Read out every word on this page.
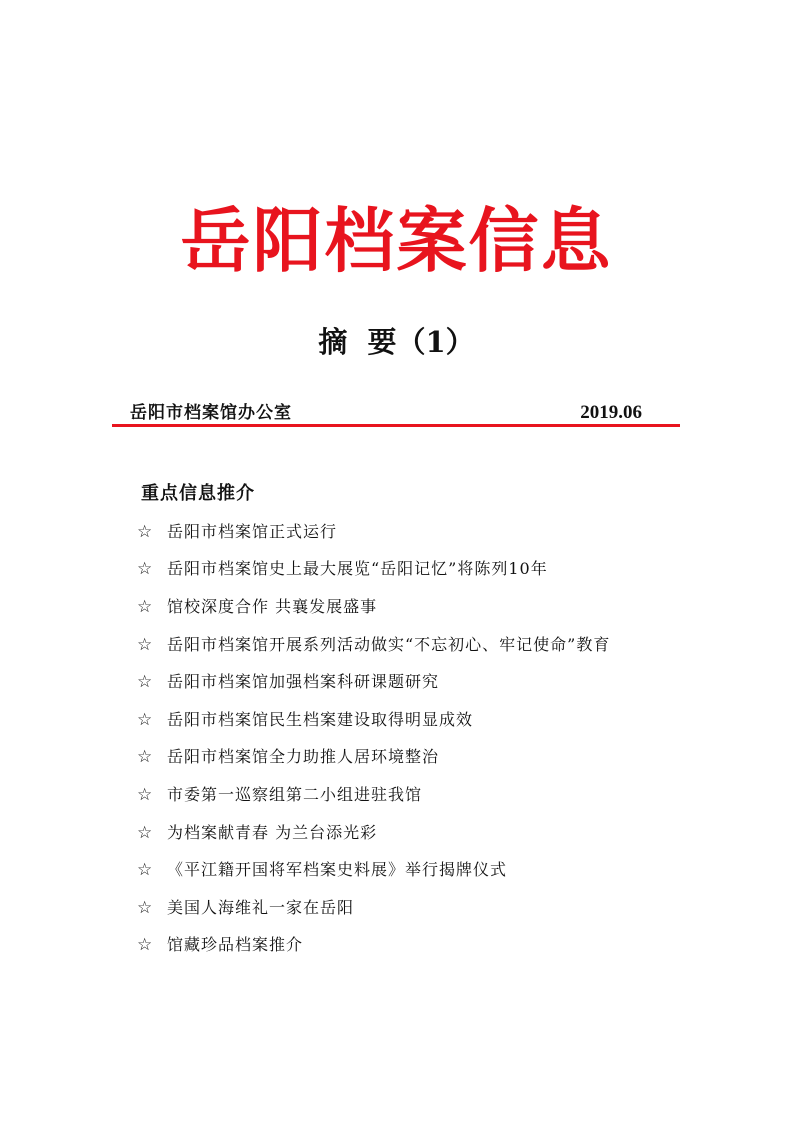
岳阳档案信息
摘  要（1）
岳阳市档案馆办公室	2019.06
重点信息推介
☆ 岳阳市档案馆正式运行
☆ 岳阳市档案馆史上最大展览“岳阳记忆”将陈列10年
☆ 馆校深度合作 共襄发展盛事
☆ 岳阳市档案馆开展系列活动做实“不忘初心、牢记使命”教育
☆ 岳阳市档案馆加强档案科研课题研究
☆ 岳阳市档案馆民生档案建设取得明显成效
☆ 岳阳市档案馆全力助推人居环境整治
☆ 市委第一巡察组第二小组进驻我馆
☆ 为档案献青春 为兰台添光彩
☆ 《平江籍开国将军档案史料展》举行揭牌仪式
☆ 美国人海维礼一家在岳阳
☆ 馆藏珍品档案推介
